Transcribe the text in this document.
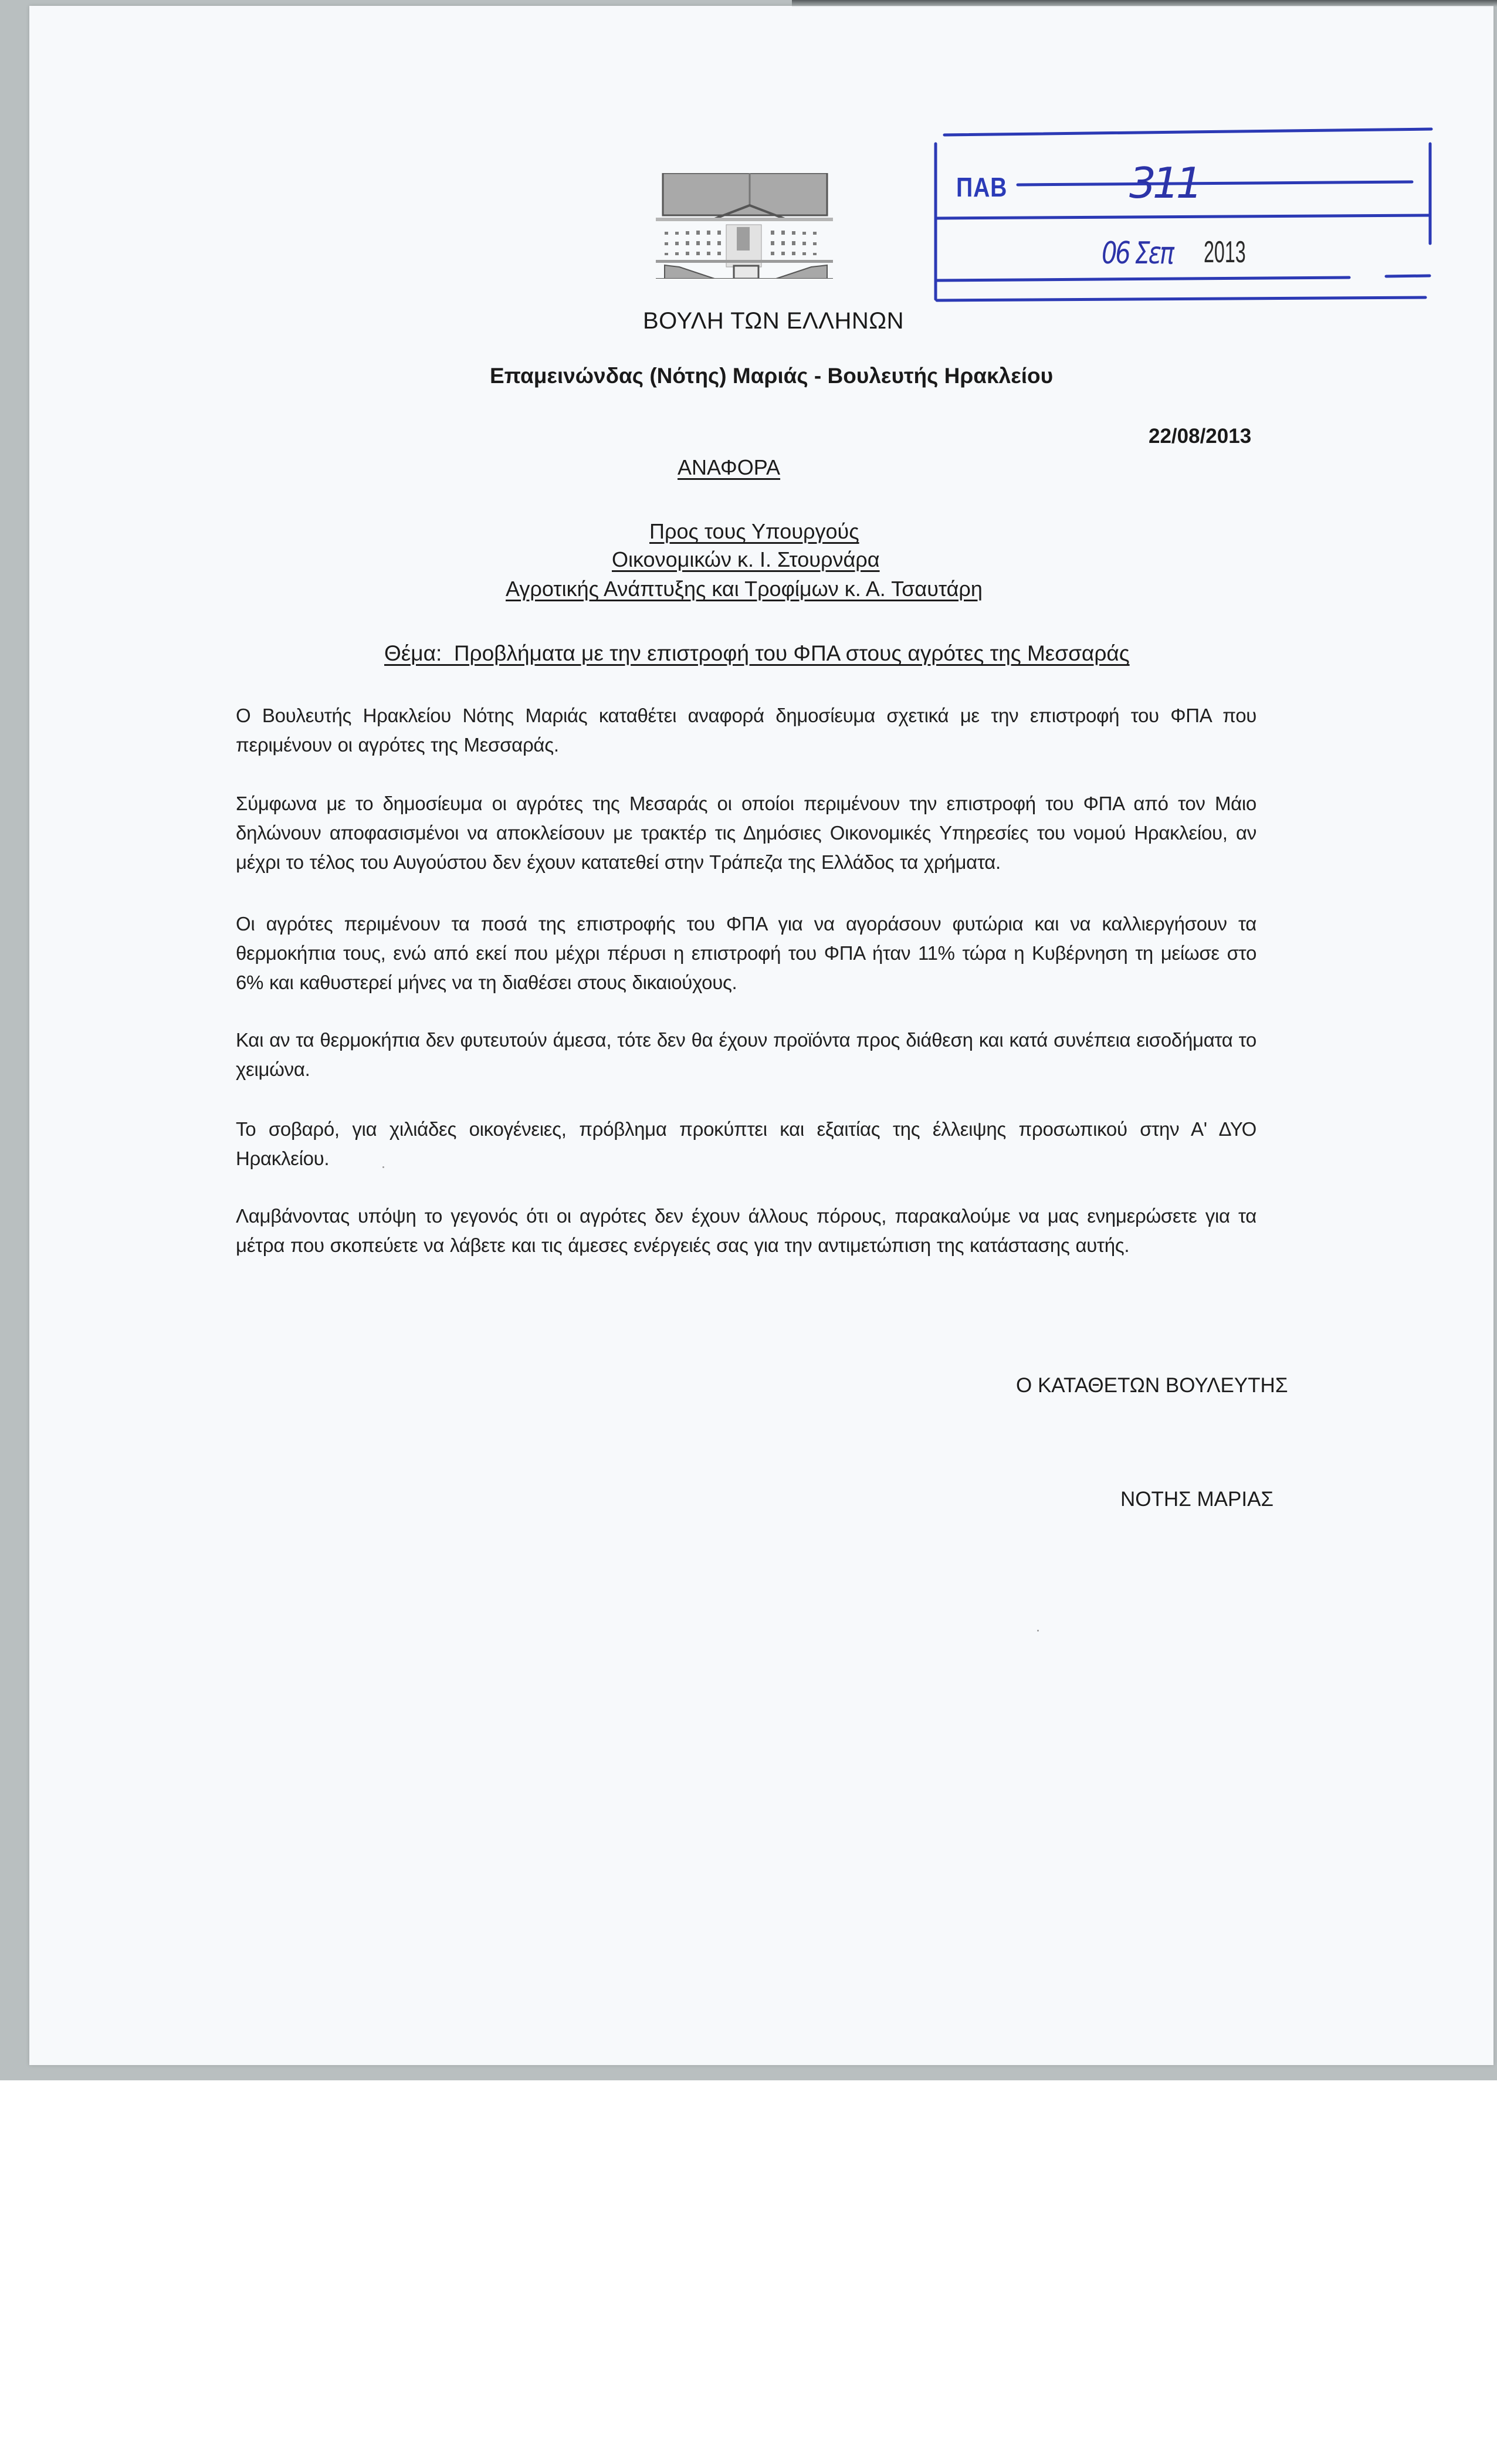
ΒΟΥΛΗ ΤΩΝ ΕΛΛΗΝΩΝ
Επαμεινώνδας (Νότης) Μαριάς - Βουλευτής Ηρακλείου
22/08/2013
ΠΑΒ	311
06 Σεπ 2013
ΑΝΑΦΟΡΑ
Προς τους Υπουργούς
Οικονομικών κ. Ι. Στουρνάρα
Αγροτικής Ανάπτυξης και Τροφίμων κ. Α. Τσαυτάρη
Θέμα:  Προβλήματα με την επιστροφή του ΦΠΑ στους αγρότες της Μεσσαράς
Ο Βουλευτής Ηρακλείου Νότης Μαριάς καταθέτει αναφορά δημοσίευμα σχετικά με την επιστροφή του ΦΠΑ που περιμένουν οι αγρότες της Μεσσαράς.
Σύμφωνα με το δημοσίευμα οι αγρότες της Μεσαράς οι οποίοι περιμένουν την επιστροφή του ΦΠΑ από τον Μάιο δηλώνουν αποφασισμένοι να αποκλείσουν με τρακτέρ τις Δημόσιες Οικονομικές Υπηρεσίες του νομού Ηρακλείου, αν μέχρι το τέλος του Αυγούστου δεν έχουν κατατεθεί στην Τράπεζα της Ελλάδος τα χρήματα.
Οι αγρότες περιμένουν τα ποσά της επιστροφής του ΦΠΑ για να αγοράσουν φυτώρια και να καλλιεργήσουν τα θερμοκήπια τους, ενώ από εκεί που μέχρι πέρυσι η επιστροφή του ΦΠΑ ήταν 11% τώρα η Κυβέρνηση τη μείωσε στο 6% και καθυστερεί μήνες να τη διαθέσει στους δικαιούχους.
Και αν τα θερμοκήπια δεν φυτευτούν άμεσα, τότε δεν θα έχουν προϊόντα προς διάθεση και κατά συνέπεια εισοδήματα το χειμώνα.
Το σοβαρό, για χιλιάδες οικογένειες, πρόβλημα προκύπτει και εξαιτίας της έλλειψης προσωπικού στην Α' ΔΥΟ Ηρακλείου.
Λαμβάνοντας υπόψη το γεγονός ότι οι αγρότες δεν έχουν άλλους πόρους, παρακαλούμε να μας ενημερώσετε για τα μέτρα που σκοπεύετε να λάβετε και τις άμεσες ενέργειές σας για την αντιμετώπιση της κατάστασης αυτής.
Ο ΚΑΤΑΘΕΤΩΝ ΒΟΥΛΕΥΤΗΣ
ΝΟΤΗΣ ΜΑΡΙΑΣ
